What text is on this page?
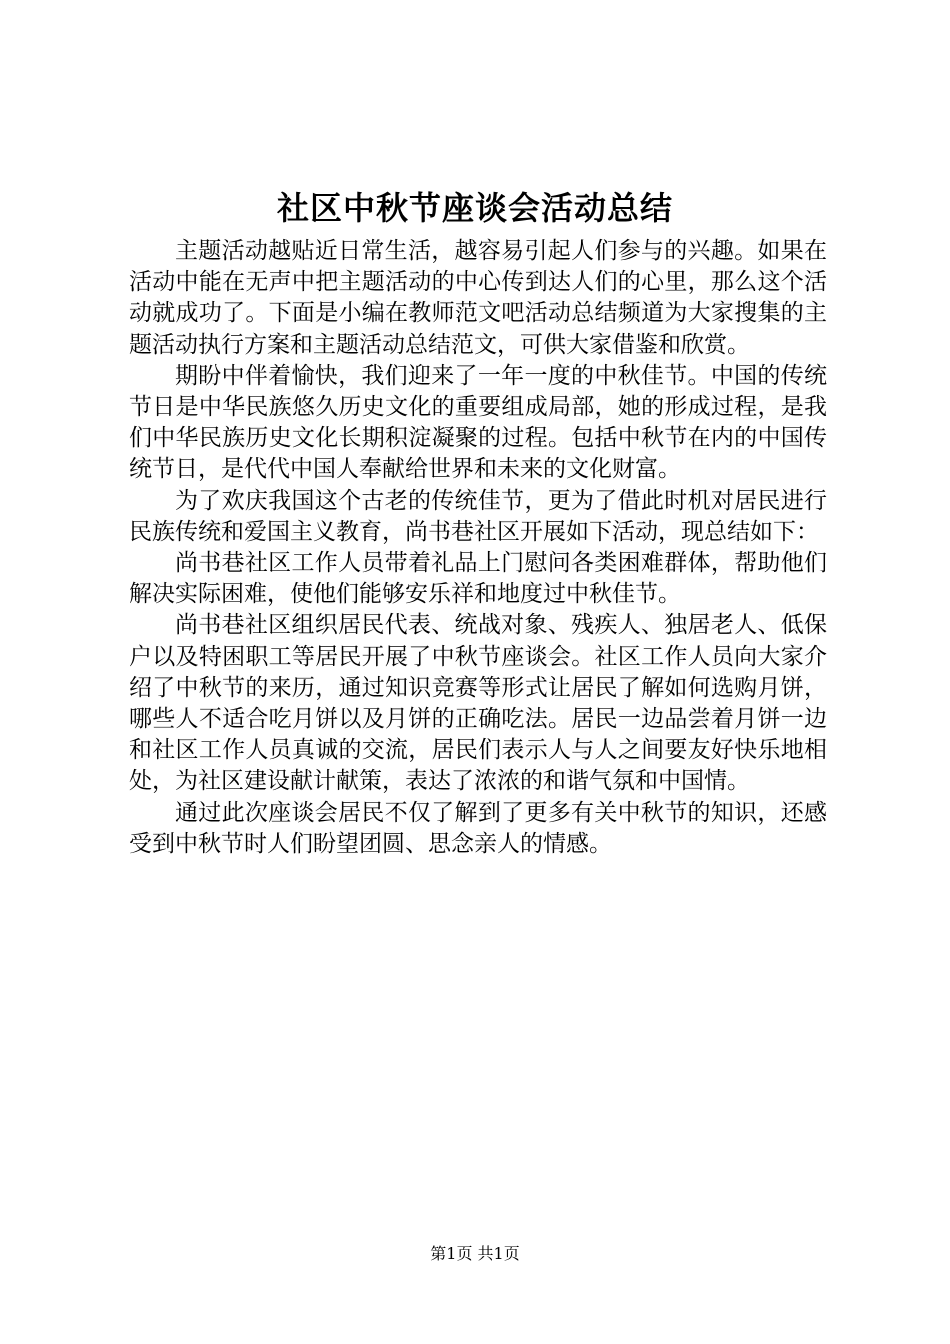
社区中秋节座谈会活动总结

主题活动越贴近日常生活，越容易引起人们参与的兴趣。如果在活动中能在无声中把主题活动的中心传到达人们的心里，那么这个活动就成功了。下面是小编在教师范文吧活动总结频道为大家搜集的主题活动执行方案和主题活动总结范文，可供大家借鉴和欣赏。

期盼中伴着愉快，我们迎来了一年一度的中秋佳节。中国的传统节日是中华民族悠久历史文化的重要组成局部，她的形成过程，是我们中华民族历史文化长期积淀凝聚的过程。包括中秋节在内的中国传统节日，是代代中国人奉献给世界和未来的文化财富。

为了欢庆我国这个古老的传统佳节，更为了借此时机对居民进行民族传统和爱国主义教育，尚书巷社区开展如下活动，现总结如下：

尚书巷社区工作人员带着礼品上门慰问各类困难群体，帮助他们解决实际困难，使他们能够安乐祥和地度过中秋佳节。

尚书巷社区组织居民代表、统战对象、残疾人、独居老人、低保户以及特困职工等居民开展了中秋节座谈会。社区工作人员向大家介绍了中秋节的来历，通过知识竞赛等形式让居民了解如何选购月饼，哪些人不适合吃月饼以及月饼的正确吃法。居民一边品尝着月饼一边和社区工作人员真诚的交流，居民们表示人与人之间要友好快乐地相处，为社区建设献计献策，表达了浓浓的和谐气氛和中国情。

通过此次座谈会居民不仅了解到了更多有关中秋节的知识，还感受到中秋节时人们盼望团圆、思念亲人的情感。

第1页 共1页
